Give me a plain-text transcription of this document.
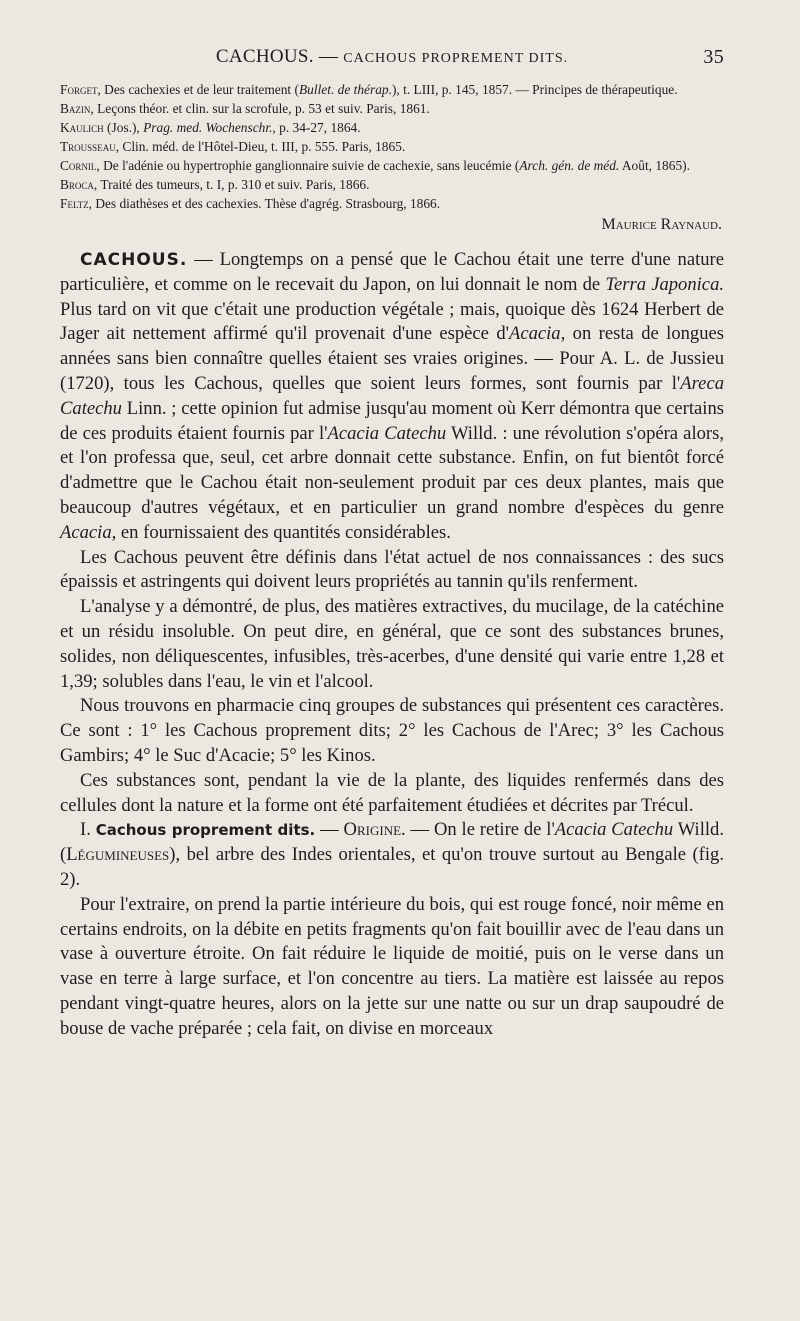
CACHOUS. — CACHOUS PROPREMENT DITS.	35
Forget, Des cachexies et de leur traitement (Bullet. de thérap.), t. LIII, p. 145, 1857. — Principes de thérapeutique.
Bazin, Leçons théor. et clin. sur la scrofule, p. 53 et suiv. Paris, 1861.
Kaulich (Jos.), Prag. med. Wochenschr., p. 34-27, 1864.
Trousseau, Clin. méd. de l'Hôtel-Dieu, t. III, p. 555. Paris, 1865.
Cornil, De l'adénie ou hypertrophie ganglionnaire suivie de cachexie, sans leucémie (Arch. gén. de méd. Août, 1865).
Broca, Traité des tumeurs, t. I, p. 310 et suiv. Paris, 1866.
Feltz, Des diathèses et des cachexies. Thèse d'agrég. Strasbourg, 1866.
Maurice Raynaud.

CACHOUS. — Longtemps on a pensé que le Cachou était une terre d'une nature particulière, et comme on le recevait du Japon, on lui donnait le nom de Terra Japonica. Plus tard on vit que c'était une production végétale ; mais, quoique dès 1624 Herbert de Jager ait nettement affirmé qu'il provenait d'une espèce d'Acacia, on resta de longues années sans bien connaître quelles étaient ses vraies origines. — Pour A. L. de Jussieu (1720), tous les Cachous, quelles que soient leurs formes, sont fournis par l'Areca Catechu Linn. ; cette opinion fut admise jusqu'au moment où Kerr démontra que certains de ces produits étaient fournis par l'Acacia Catechu Willd. : une révolution s'opéra alors, et l'on professa que, seul, cet arbre donnait cette substance. Enfin, on fut bientôt forcé d'admettre que le Cachou était non-seulement produit par ces deux plantes, mais que beaucoup d'autres végétaux, et en particulier un grand nombre d'espèces du genre Acacia, en fournissaient des quantités considérables.

Les Cachous peuvent être définis dans l'état actuel de nos connaissances : des sucs épaissis et astringents qui doivent leurs propriétés au tannin qu'ils renferment.

L'analyse y a démontré, de plus, des matières extractives, du mucilage, de la catéchine et un résidu insoluble. On peut dire, en général, que ce sont des substances brunes, solides, non déliquescentes, infusibles, très-acerbes, d'une densité qui varie entre 1,28 et 1,39; solubles dans l'eau, le vin et l'alcool.

Nous trouvons en pharmacie cinq groupes de substances qui présentent ces caractères. Ce sont : 1° les Cachous proprement dits; 2° les Cachous de l'Arec; 3° les Cachous Gambirs; 4° le Suc d'Acacie; 5° les Kinos.

Ces substances sont, pendant la vie de la plante, des liquides renfermés dans des cellules dont la nature et la forme ont été parfaitement étudiées et décrites par Trécul.

I. Cachous proprement dits. — Origine. — On le retire de l'Acacia Catechu Willd. (Légumineuses), bel arbre des Indes orientales, et qu'on trouve surtout au Bengale (fig. 2).

Pour l'extraire, on prend la partie intérieure du bois, qui est rouge foncé, noir même en certains endroits, on la débite en petits fragments qu'on fait bouillir avec de l'eau dans un vase à ouverture étroite. On fait réduire le liquide de moitié, puis on le verse dans un vase en terre à large surface, et l'on concentre au tiers. La matière est laissée au repos pendant vingt-quatre heures, alors on la jette sur une natte ou sur un drap saupoudré de bouse de vache préparée ; cela fait, on divise en morceaux
